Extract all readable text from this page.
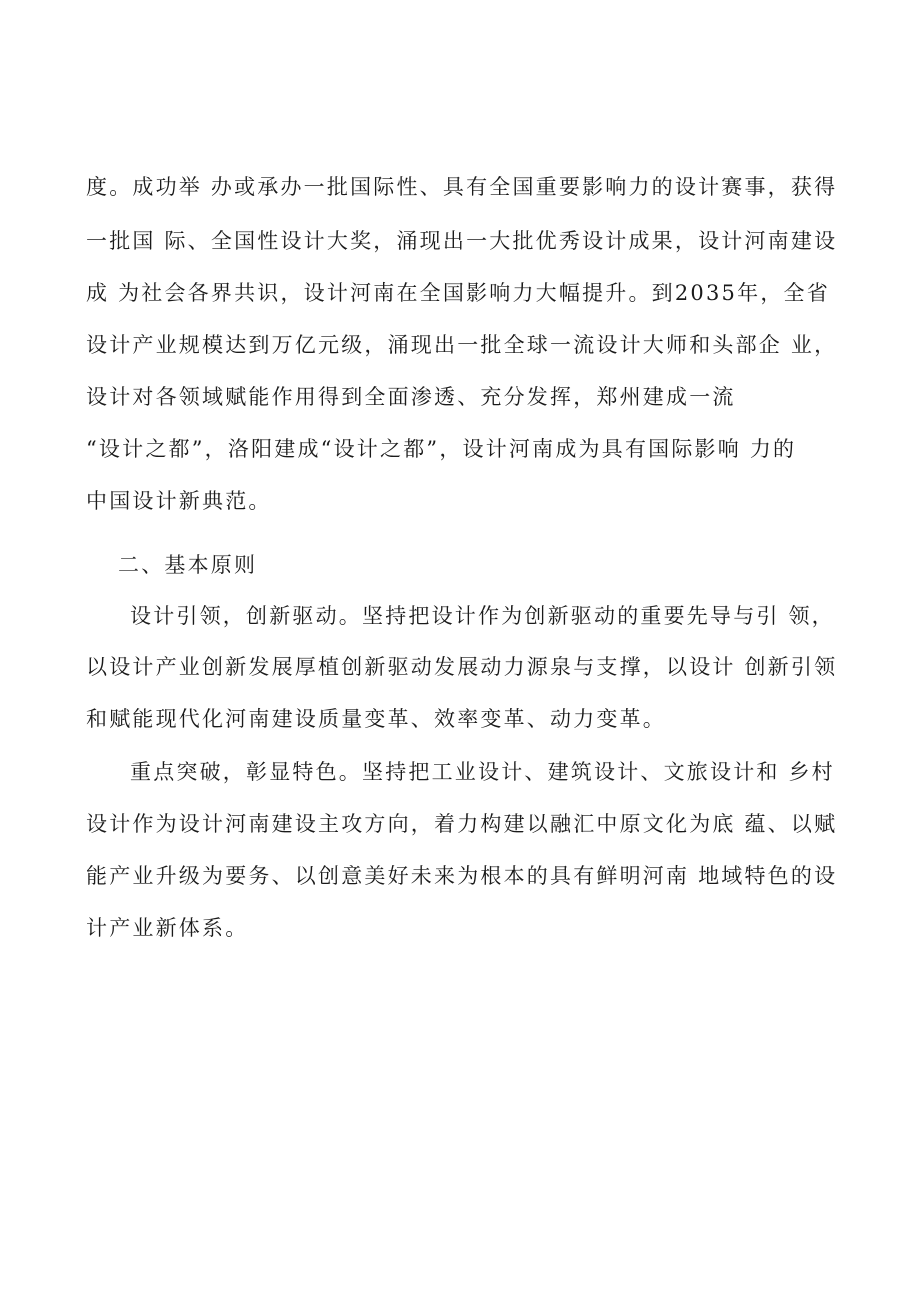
度。成功举 办或承办一批国际性、具有全国重要影响力的设计赛事，获得
一批国 际、全国性设计大奖，涌现出一大批优秀设计成果，设计河南建设
成 为社会各界共识，设计河南在全国影响力大幅提升。到2035年，全省
设计产业规模达到万亿元级，涌现出一批全球一流设计大师和头部企 业，
设计对各领域赋能作用得到全面渗透、充分发挥，郑州建成一流
“设计之都”，洛阳建成“设计之都”，设计河南成为具有国际影响 力的
中国设计新典范。
二、基本原则
设计引领，创新驱动。坚持把设计作为创新驱动的重要先导与引 领，
以设计产业创新发展厚植创新驱动发展动力源泉与支撑，以设计 创新引领
和赋能现代化河南建设质量变革、效率变革、动力变革。
重点突破，彰显特色。坚持把工业设计、建筑设计、文旅设计和 乡村
设计作为设计河南建设主攻方向，着力构建以融汇中原文化为底 蕴、以赋
能产业升级为要务、以创意美好未来为根本的具有鲜明河南 地域特色的设
计产业新体系。
